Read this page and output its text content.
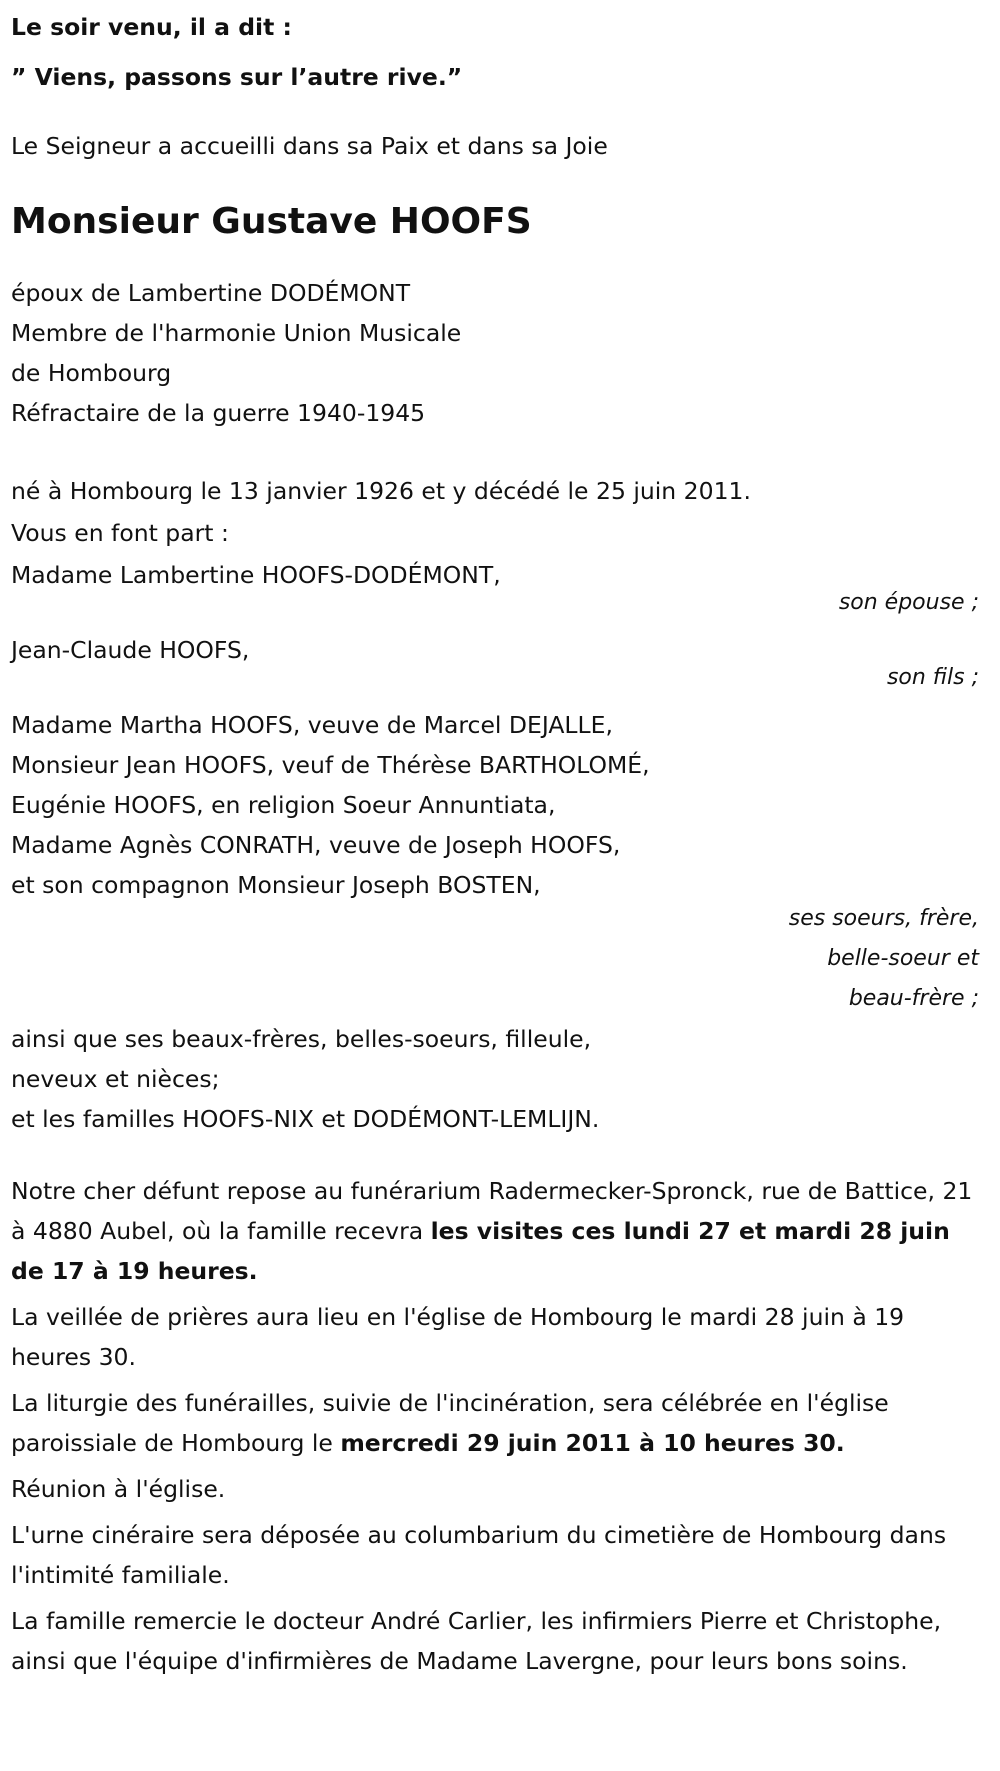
Le soir venu, il a dit :
” Viens, passons sur l’autre rive.”
Le Seigneur a accueilli dans sa Paix et dans sa Joie
Monsieur Gustave HOOFS
époux de Lambertine DODÉMONT
Membre de l'harmonie Union Musicale
de Hombourg
Réfractaire de la guerre 1940-1945
né à Hombourg le 13 janvier 1926 et y décédé le 25 juin 2011.
Vous en font part :
Madame Lambertine HOOFS-DODÉMONT,
son épouse ;
Jean-Claude HOOFS,
son fils ;
Madame Martha HOOFS, veuve de Marcel DEJALLE,
Monsieur Jean HOOFS, veuf de Thérèse BARTHOLOMÉ,
Eugénie HOOFS, en religion Soeur Annuntiata,
Madame Agnès CONRATH, veuve de Joseph HOOFS,
et son compagnon Monsieur Joseph BOSTEN,
ses soeurs, frère,
belle-soeur et
beau-frère ;
ainsi que ses beaux-frères, belles-soeurs, filleule,
neveux et nièces;
et les familles HOOFS-NIX et DODÉMONT-LEMLIJN.
Notre cher défunt repose au funérarium Radermecker-Spronck, rue de Battice, 21 à 4880 Aubel, où la famille recevra les visites ces lundi 27 et mardi 28 juin de 17 à 19 heures.
La veillée de prières aura lieu en l'église de Hombourg le mardi 28 juin à 19 heures 30.
La liturgie des funérailles, suivie de l'incinération, sera célébrée en l'église paroissiale de Hombourg le mercredi 29 juin 2011 à 10 heures 30.
Réunion à l'église.
L'urne cinéraire sera déposée au columbarium du cimetière de Hombourg dans l'intimité familiale.
La famille remercie le docteur André Carlier, les infirmiers Pierre et Christophe, ainsi que l'équipe d'infirmières de Madame Lavergne, pour leurs bons soins.
